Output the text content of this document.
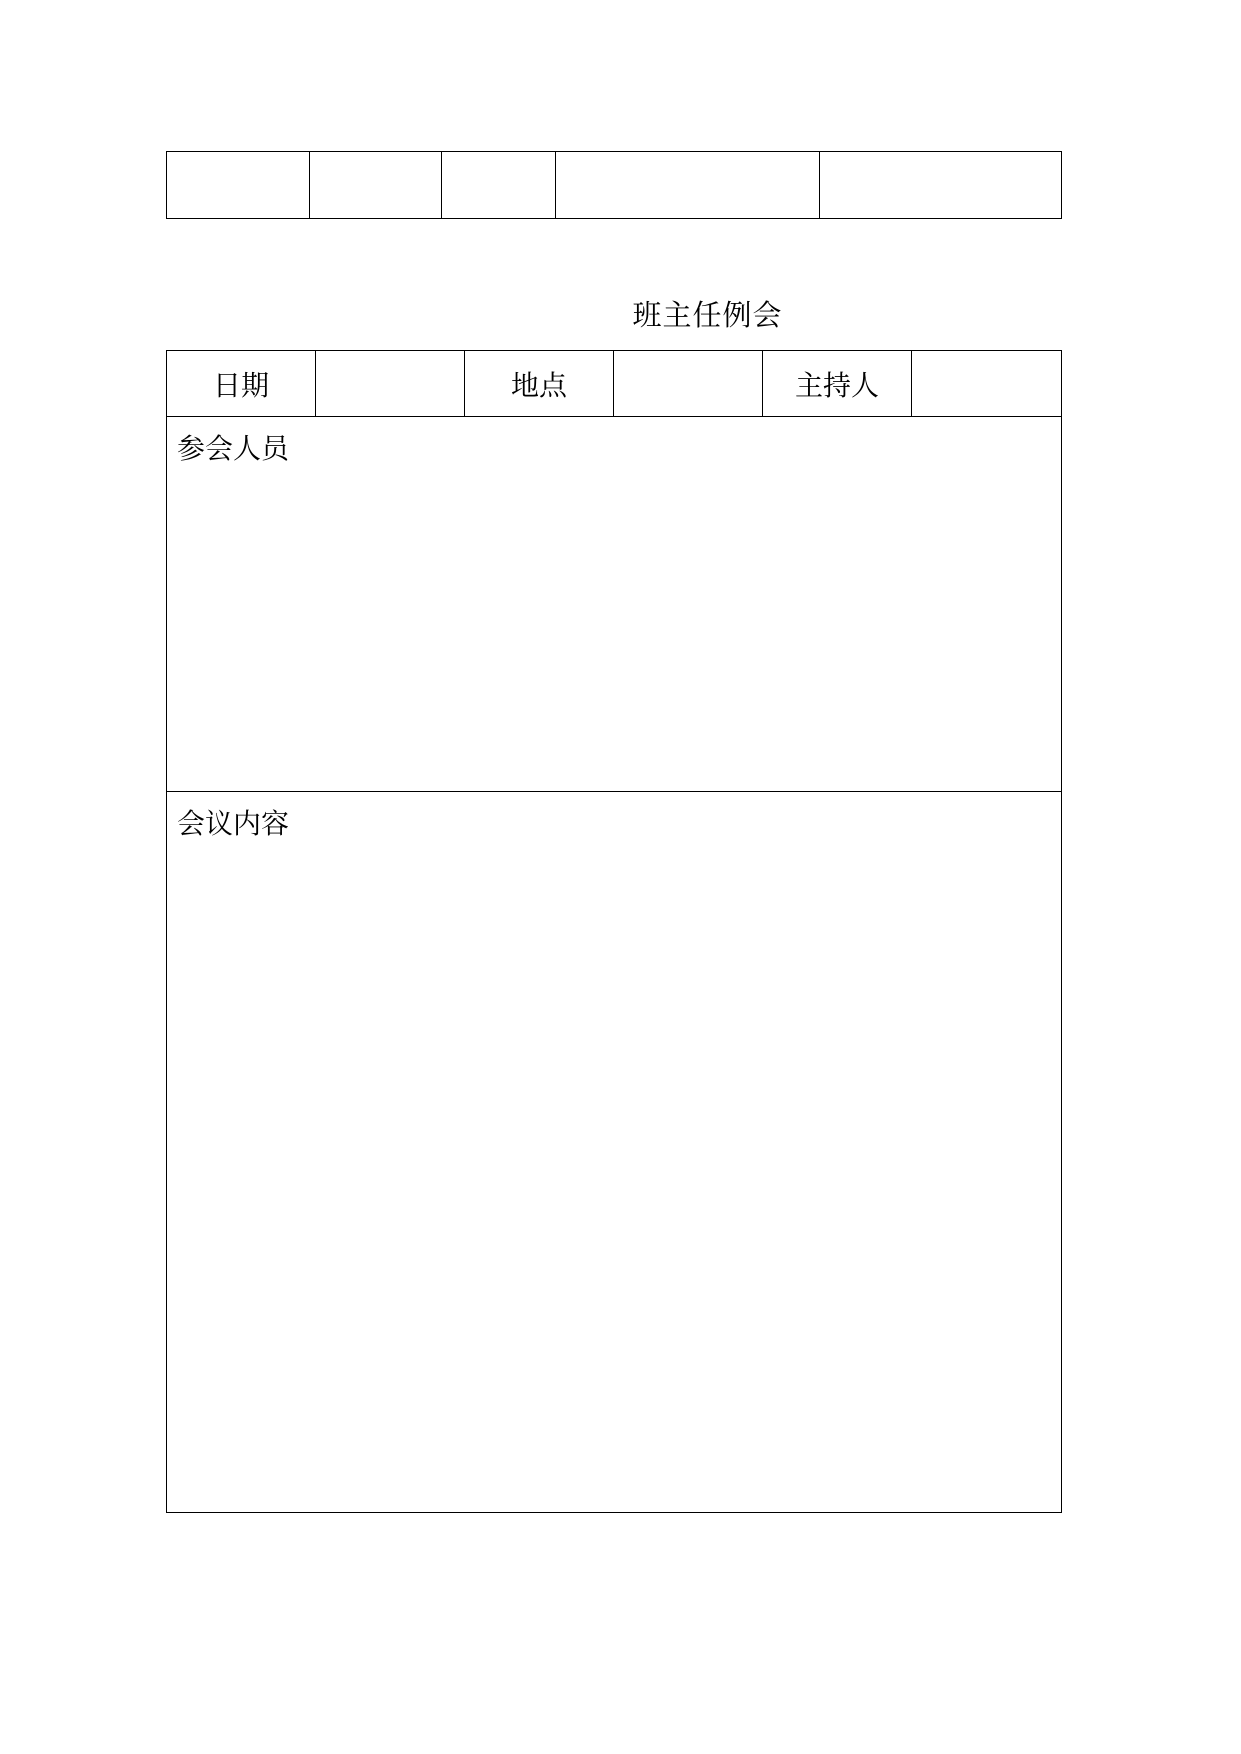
班主任例会
日期		地点		主持人	
参会人员
会议内容
